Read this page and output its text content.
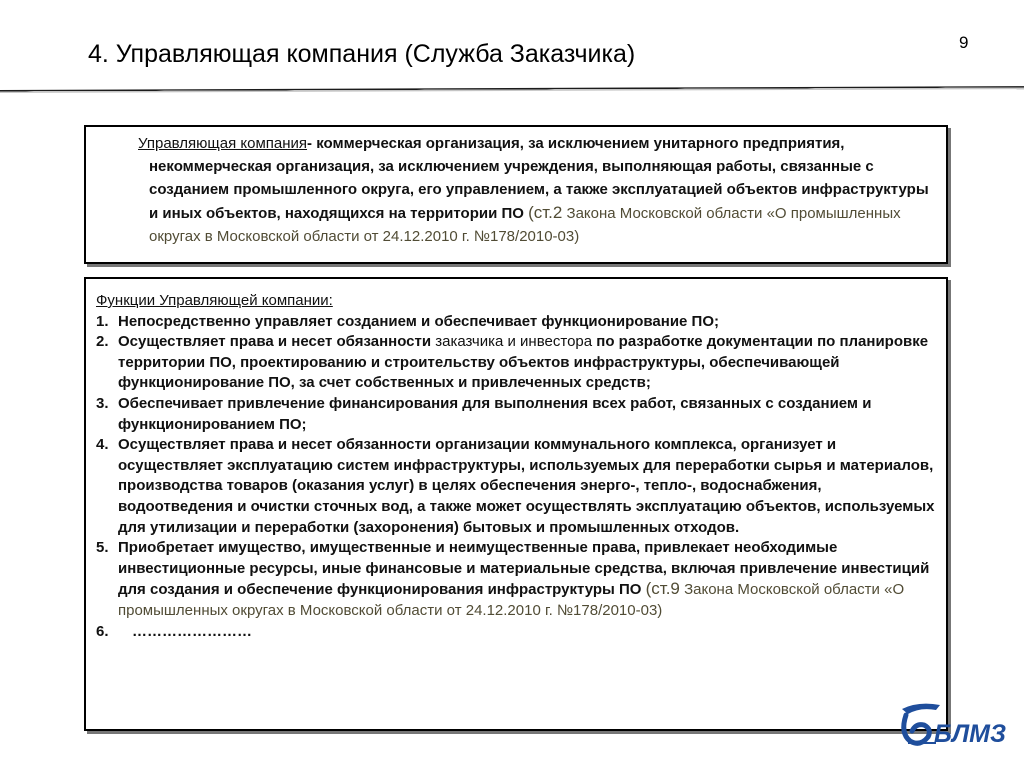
4. Управляющая компания (Служба Заказчика)	9
Управляющая компания- коммерческая организация, за исключением унитарного предприятия,
некоммерческая организация, за исключением учреждения, выполняющая работы, связанные с созданием промышленного округа, его управлением, а также эксплуатацией объектов инфраструктуры и иных объектов, находящихся на территории ПО (ст.2 Закона Московской области «О промышленных округах в Московской области от 24.12.2010 г. №178/2010-03)
Функции Управляющей компании:
1. Непосредственно управляет созданием и обеспечивает функционирование ПО;
2. Осуществляет права и несет обязанности заказчика и инвестора по разработке документации по планировке территории ПО, проектированию и строительству объектов инфраструктуры, обеспечивающей функционирование ПО, за счет собственных и привлеченных средств;
3. Обеспечивает привлечение финансирования для выполнения всех работ, связанных с созданием и функционированием ПО;
4. Осуществляет права и несет обязанности организации коммунального комплекса, организует и осуществляет эксплуатацию систем инфраструктуры, используемых для переработки сырья и материалов, производства товаров (оказания услуг) в целях обеспечения энерго-, тепло-, водоснабжения, водоотведения и очистки сточных вод, а также может осуществлять эксплуатацию объектов, используемых для утилизации и переработки (захоронения) бытовых и промышленных отходов.
5. Приобретает имущество, имущественные и неимущественные права, привлекает необходимые инвестиционные ресурсы, иные финансовые и материальные средства, включая привлечение инвестиций для создания и обеспечение функционирования инфраструктуры ПО (ст.9 Закона Московской области «О промышленных округах в Московской области от 24.12.2010 г. №178/2010-03)
6. ……………………
БЛМЗ
